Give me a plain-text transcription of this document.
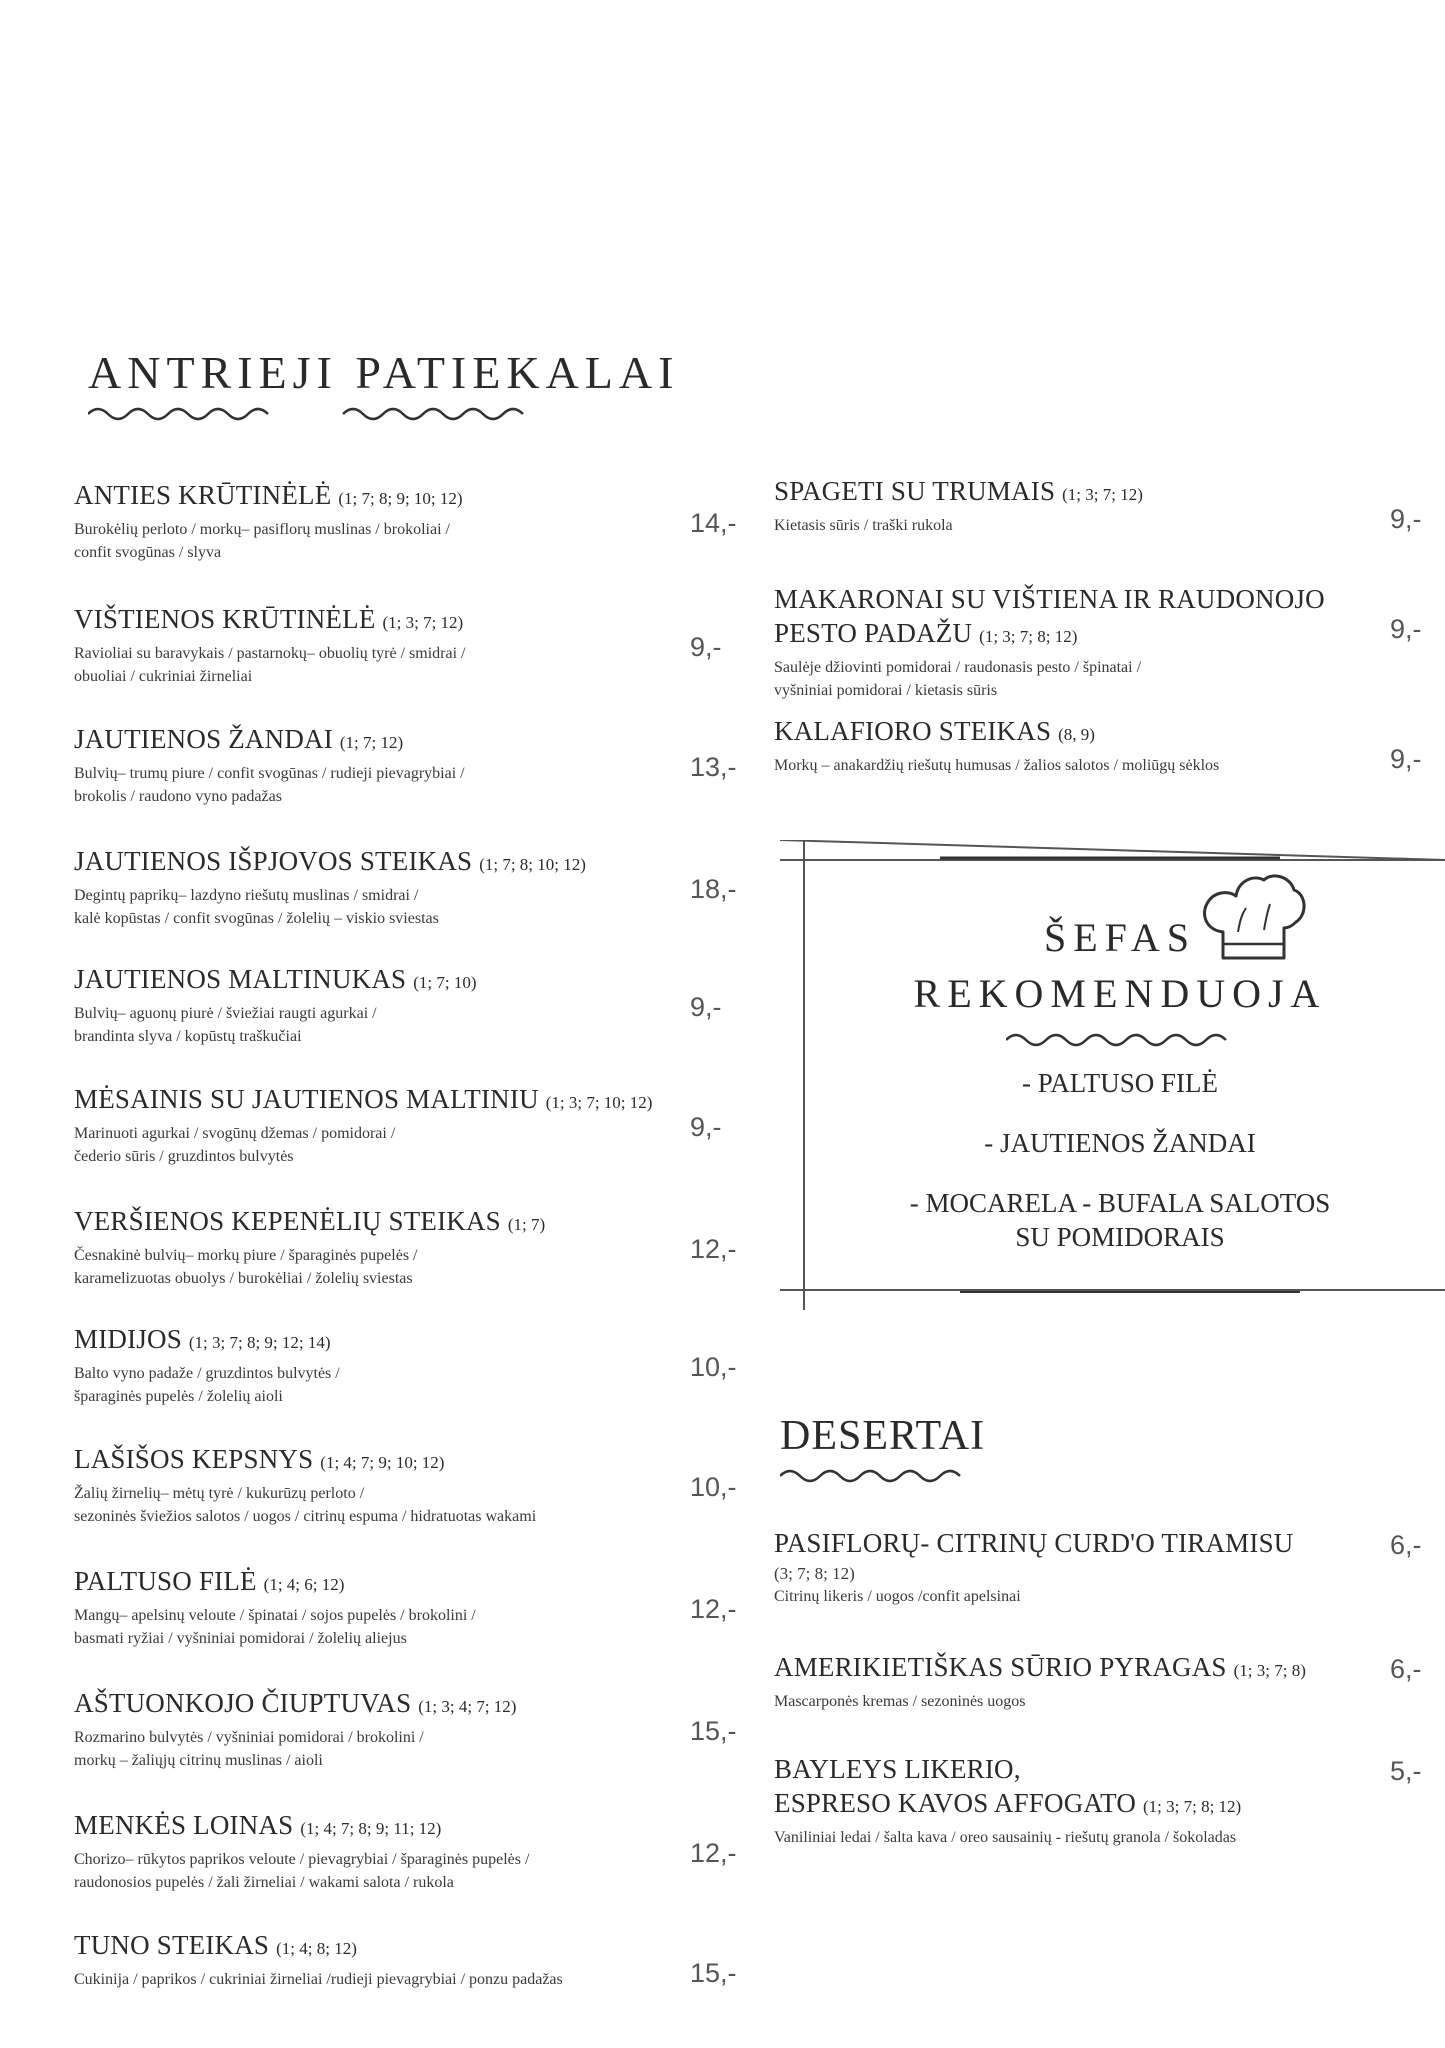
ANTRIEJI PATIEKALAI
ANTIES KRŪTINĖLĖ (1; 7; 8; 9; 10; 12)
Burokėlių perloto / morkų– pasiflorų muslinas / brokoliai /
confit svogūnas / slyva
14,-
VIŠTIENOS KRŪTINĖLĖ (1; 3; 7; 12)
Ravioliai su baravykais / pastarnokų– obuolių tyrė / smidrai /
obuoliai / cukriniai žirneliai
9,-
JAUTIENOS ŽANDAI (1; 7; 12)
Bulvių– trumų piure / confit svogūnas / rudieji pievagrybiai /
brokolis / raudono vyno padažas
13,-
JAUTIENOS IŠPJOVOS STEIKAS (1; 7; 8; 10; 12)
Degintų paprikų– lazdyno riešutų muslinas / smidrai /
kalė kopūstas / confit svogūnas / žolelių – viskio sviestas
18,-
JAUTIENOS MALTINUKAS (1; 7; 10)
Bulvių– aguonų piurė / šviežiai raugti agurkai /
brandinta slyva / kopūstų traškučiai
9,-
MĖSAINIS SU JAUTIENOS MALTINIU (1; 3; 7; 10; 12)
Marinuoti agurkai / svogūnų džemas / pomidorai /
čederio sūris / gruzdintos bulvytės
9,-
VERŠIENOS KEPENĖLIŲ STEIKAS (1; 7)
Česnakinė bulvių– morkų piure / šparaginės pupelės /
karamelizuotas obuolys / burokėliai / žolelių sviestas
12,-
MIDIJOS (1; 3; 7; 8; 9; 12; 14)
Balto vyno padaže / gruzdintos bulvytės /
šparaginės pupelės / žolelių aioli
10,-
LAŠIŠOS KEPSNYS (1; 4; 7; 9; 10; 12)
Žalių žirnelių– mėtų tyrė / kukurūzų perloto /
sezoninės šviežios salotos / uogos / citrinų espuma / hidratuotas wakami
10,-
PALTUSO FILĖ (1; 4; 6; 12)
Mangų– apelsinų veloute / špinatai / sojos pupelės / brokolini /
basmati ryžiai / vyšniniai pomidorai / žolelių aliejus
12,-
AŠTUONKOJO ČIUPTUVAS (1; 3; 4; 7; 12)
Rozmarino bulvytės / vyšniniai pomidorai / brokolini /
morkų – žaliųjų citrinų muslinas / aioli
15,-
MENKĖS LOINAS (1; 4; 7; 8; 9; 11; 12)
Chorizo– rūkytos paprikos veloute / pievagrybiai / šparaginės pupelės /
raudonosios pupelės / žali žirneliai / wakami salota / rukola
12,-
TUNO STEIKAS (1; 4; 8; 12)
Cukinija / paprikos / cukriniai žirneliai /rudieji pievagrybiai / ponzu padažas	15,-
SPAGETI SU TRUMAIS (1; 3; 7; 12)
Kietasis sūris / traški rukola	9,-
MAKARONAI SU VIŠTIENA IR RAUDONOJO
PESTO PADAŽU (1; 3; 7; 8; 12)
Saulėje džiovinti pomidorai / raudonasis pesto / špinatai /
vyšniniai pomidorai / kietasis sūris
9,-
KALAFIORO STEIKAS (8, 9)
Morkų – anakardžių riešutų humusas / žalios salotos / moliūgų sėklos	9,-
ŠEFAS
REKOMENDUOJA
- PALTUSO FILĖ
- JAUTIENOS ŽANDAI
- MOCARELA - BUFALA SALOTOS
SU POMIDORAIS
DESERTAI
PASIFLORŲ- CITRINŲ CURD'O TIRAMISU
(3; 7; 8; 12)
Citrinų likeris / uogos /confit apelsinai
6,-
AMERIKIETIŠKAS SŪRIO PYRAGAS (1; 3; 7; 8)
Mascarponės kremas / sezoninės uogos
6,-
BAYLEYS LIKERIO,
ESPRESO KAVOS AFFOGATO (1; 3; 7; 8; 12)
Vaniliniai ledai / šalta kava / oreo sausainių - riešutų granola / šokoladas
5,-
